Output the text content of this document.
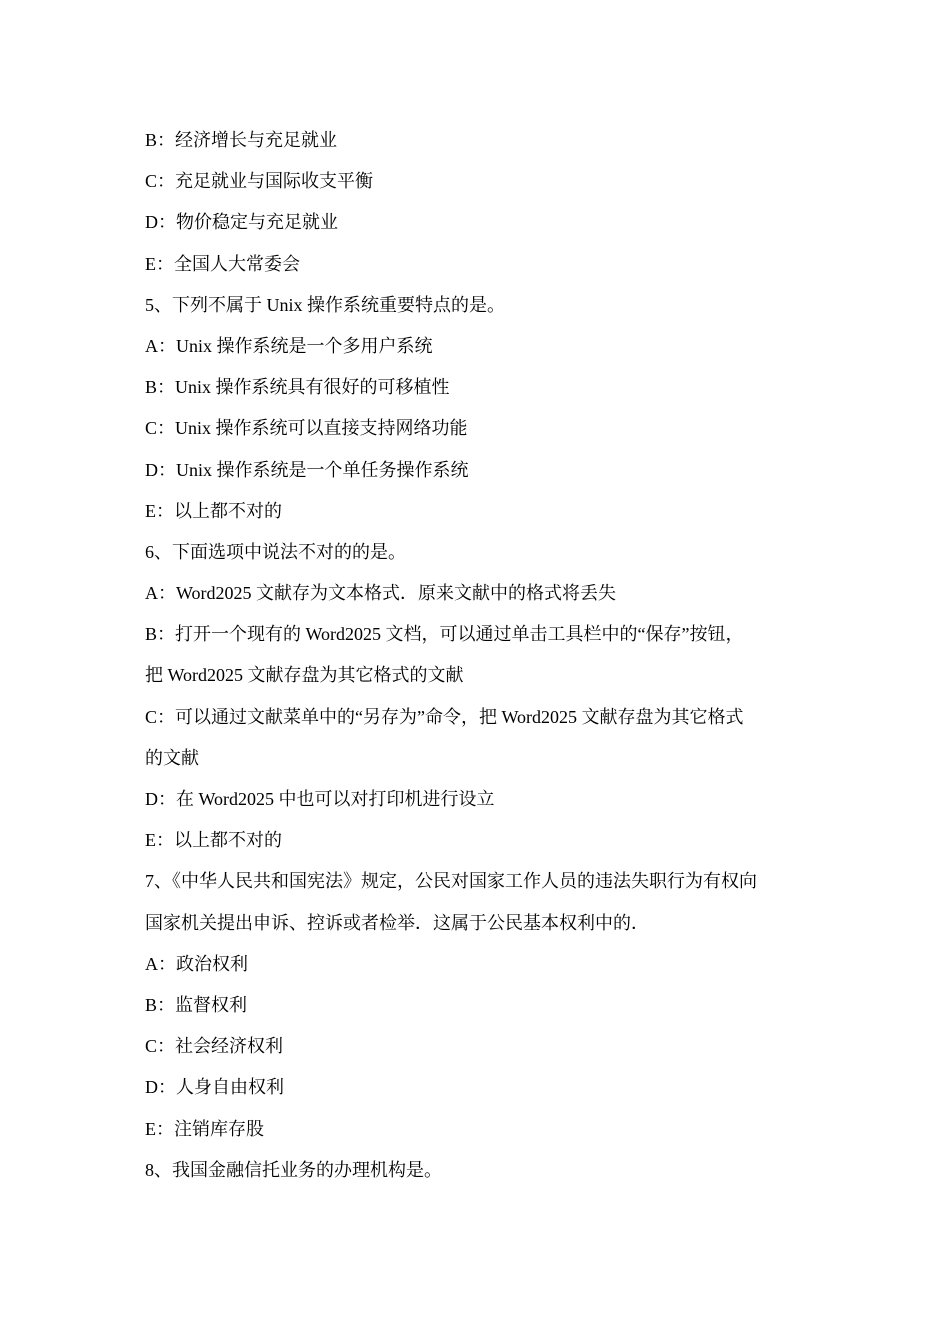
B：经济增长与充足就业
C：充足就业与国际收支平衡
D：物价稳定与充足就业
E：全国人大常委会
5、下列不属于 Unix 操作系统重要特点的是。
A：Unix 操作系统是一个多用户系统
B：Unix 操作系统具有很好的可移植性
C：Unix 操作系统可以直接支持网络功能
D：Unix 操作系统是一个单任务操作系统
E：以上都不对的
6、下面选项中说法不对的的是。
A：Word2025 文献存为文本格式．原来文献中的格式将丢失
B：打开一个现有的 Word2025 文档，可以通过单击工具栏中的“保存”按钮，
把 Word2025 文献存盘为其它格式的文献
C：可以通过文献菜单中的“另存为”命令，把 Word2025 文献存盘为其它格式
的文献
D：在 Word2025 中也可以对打印机进行设立
E：以上都不对的
7、《中华人民共和国宪法》规定，公民对国家工作人员的违法失职行为有权向
国家机关提出申诉、控诉或者检举．这属于公民基本权利中的．
A：政治权利
B：监督权利
C：社会经济权利
D：人身自由权利
E：注销库存股
8、我国金融信托业务的办理机构是。
